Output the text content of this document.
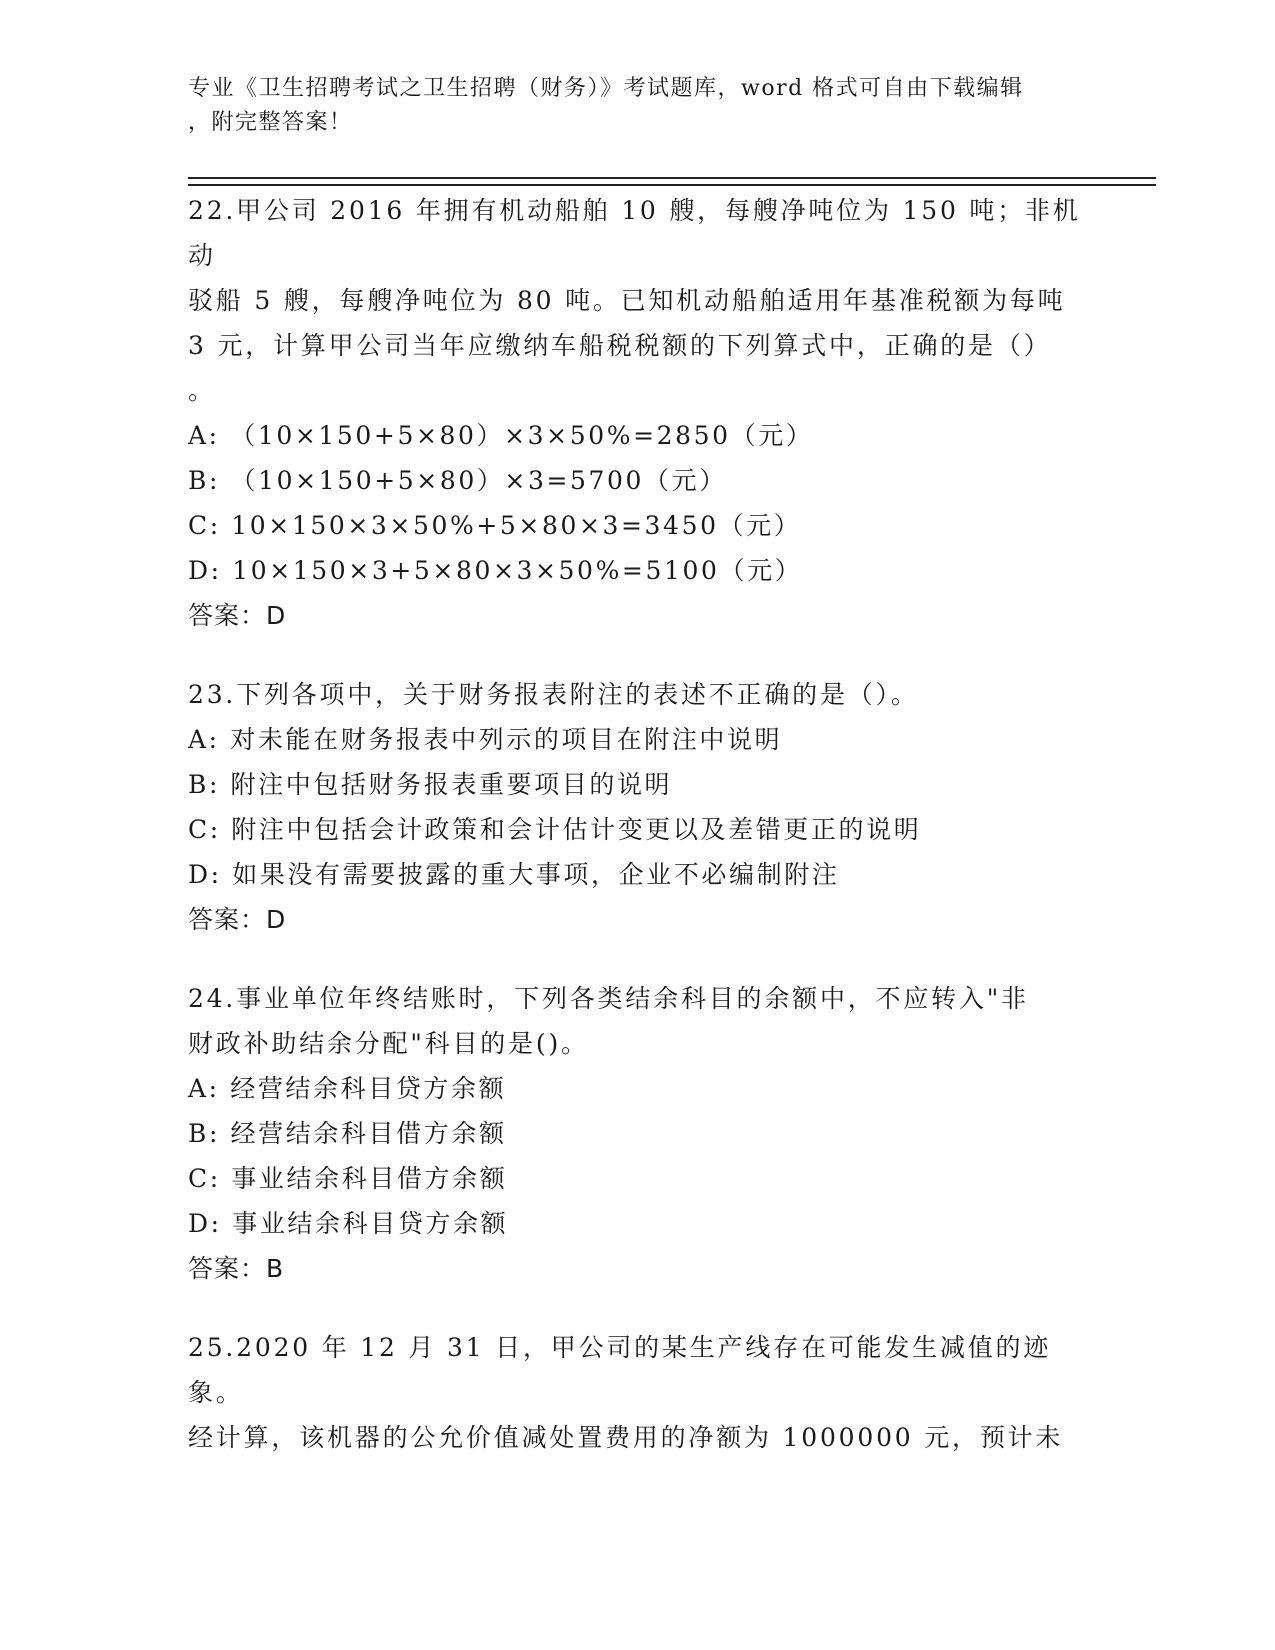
专业《卫生招聘考试之卫生招聘（财务）》考试题库，word 格式可自由下载编辑
，附完整答案！

22.甲公司 2016 年拥有机动船舶 10 艘，每艘净吨位为 150 吨；非机动

驳船 5 艘，每艘净吨位为 80 吨。已知机动船舶适用年基准税额为每吨

3 元，计算甲公司当年应缴纳车船税税额的下列算式中，正确的是（）

。

A: （10×150+5×80）×3×50%=2850（元）

B: （10×150+5×80）×3=5700（元）

C: 10×150×3×50%+5×80×3=3450（元）

D: 10×150×3+5×80×3×50%=5100（元）

答案：D

23.下列各项中，关于财务报表附注的表述不正确的是（）。

A: 对未能在财务报表中列示的项目在附注中说明

B: 附注中包括财务报表重要项目的说明

C: 附注中包括会计政策和会计估计变更以及差错更正的说明

D: 如果没有需要披露的重大事项，企业不必编制附注

答案：D

24.事业单位年终结账时，下列各类结余科目的余额中，不应转入"非

财政补助结余分配"科目的是()。

A: 经营结余科目贷方余额

B: 经营结余科目借方余额

C: 事业结余科目借方余额

D: 事业结余科目贷方余额

答案：B

25.2020 年 12 月 31 日，甲公司的某生产线存在可能发生减值的迹象。

经计算，该机器的公允价值减处置费用的净额为 1000000 元，预计未
